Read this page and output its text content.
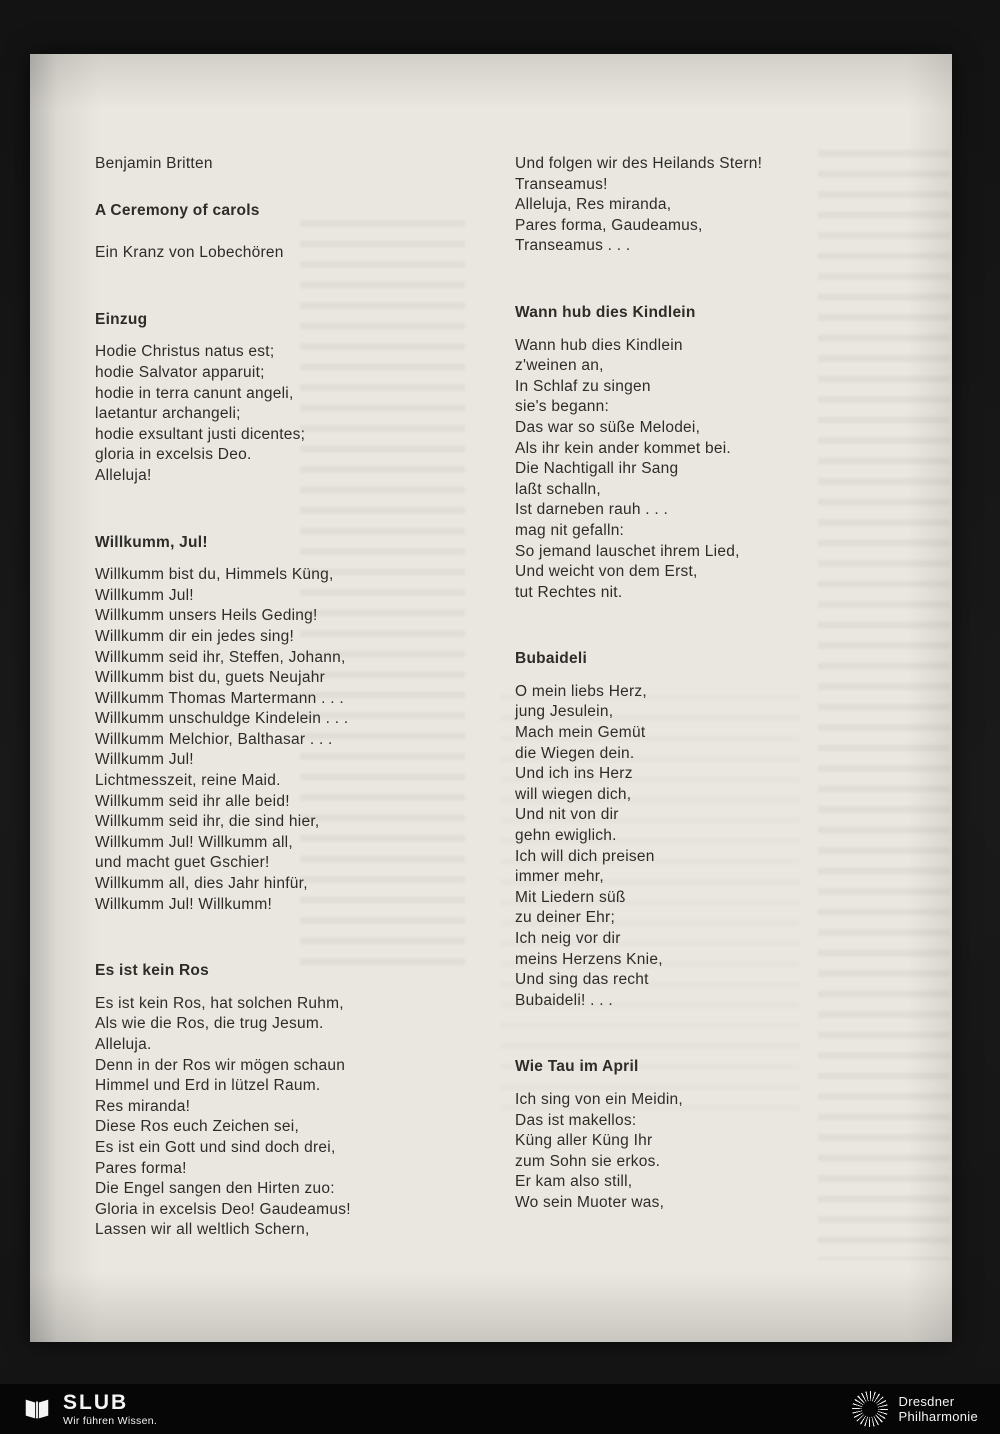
Benjamin Britten
A Ceremony of carols
Ein Kranz von Lobechören
Einzug
Hodie Christus natus est;
hodie Salvator apparuit;
hodie in terra canunt angeli,
laetantur archangeli;
hodie exsultant justi dicentes;
gloria in excelsis Deo.
Alleluja!
Willkumm, Jul!
Willkumm bist du, Himmels Küng,
Willkumm Jul!
Willkumm unsers Heils Geding!
Willkumm dir ein jedes sing!
Willkumm seid ihr, Steffen, Johann,
Willkumm bist du, guets Neujahr
Willkumm Thomas Martermann . . .
Willkumm unschuldge Kindelein . . .
Willkumm Melchior, Balthasar . . .
Willkumm Jul!
Lichtmesszeit, reine Maid.
Willkumm seid ihr alle beid!
Willkumm seid ihr, die sind hier,
Willkumm Jul! Willkumm all,
und macht guet Gschier!
Willkumm all, dies Jahr hinfür,
Willkumm Jul! Willkumm!
Es ist kein Ros
Es ist kein Ros, hat solchen Ruhm,
Als wie die Ros, die trug Jesum.
Alleluja.
Denn in der Ros wir mögen schaun
Himmel und Erd in lützel Raum.
Res miranda!
Diese Ros euch Zeichen sei,
Es ist ein Gott und sind doch drei,
Pares forma!
Die Engel sangen den Hirten zuo:
Gloria in excelsis Deo! Gaudeamus!
Lassen wir all weltlich Schern,
Und folgen wir des Heilands Stern!
Transeamus!
Alleluja, Res miranda,
Pares forma, Gaudeamus,
Transeamus . . .
Wann hub dies Kindlein
Wann hub dies Kindlein
z'weinen an,
In Schlaf zu singen
sie's begann:
Das war so süße Melodei,
Als ihr kein ander kommet bei.
Die Nachtigall ihr Sang
laßt schalln,
Ist darneben rauh . . .
mag nit gefalln:
So jemand lauschet ihrem Lied,
Und weicht von dem Erst,
tut Rechtes nit.
Bubaideli
O mein liebs Herz,
jung Jesulein,
Mach mein Gemüt
die Wiegen dein.
Und ich ins Herz
will wiegen dich,
Und nit von dir
gehn ewiglich.
Ich will dich preisen
immer mehr,
Mit Liedern süß
zu deiner Ehr;
Ich neig vor dir
meins Herzens Knie,
Und sing das recht
Bubaideli! . . .
Wie Tau im April
Ich sing von ein Meidin,
Das ist makellos:
Küng aller Küng Ihr
zum Sohn sie erkos.
Er kam also still,
Wo sein Muoter was,
SLUB
Wir führen Wissen.
Dresdner
Philharmonie
